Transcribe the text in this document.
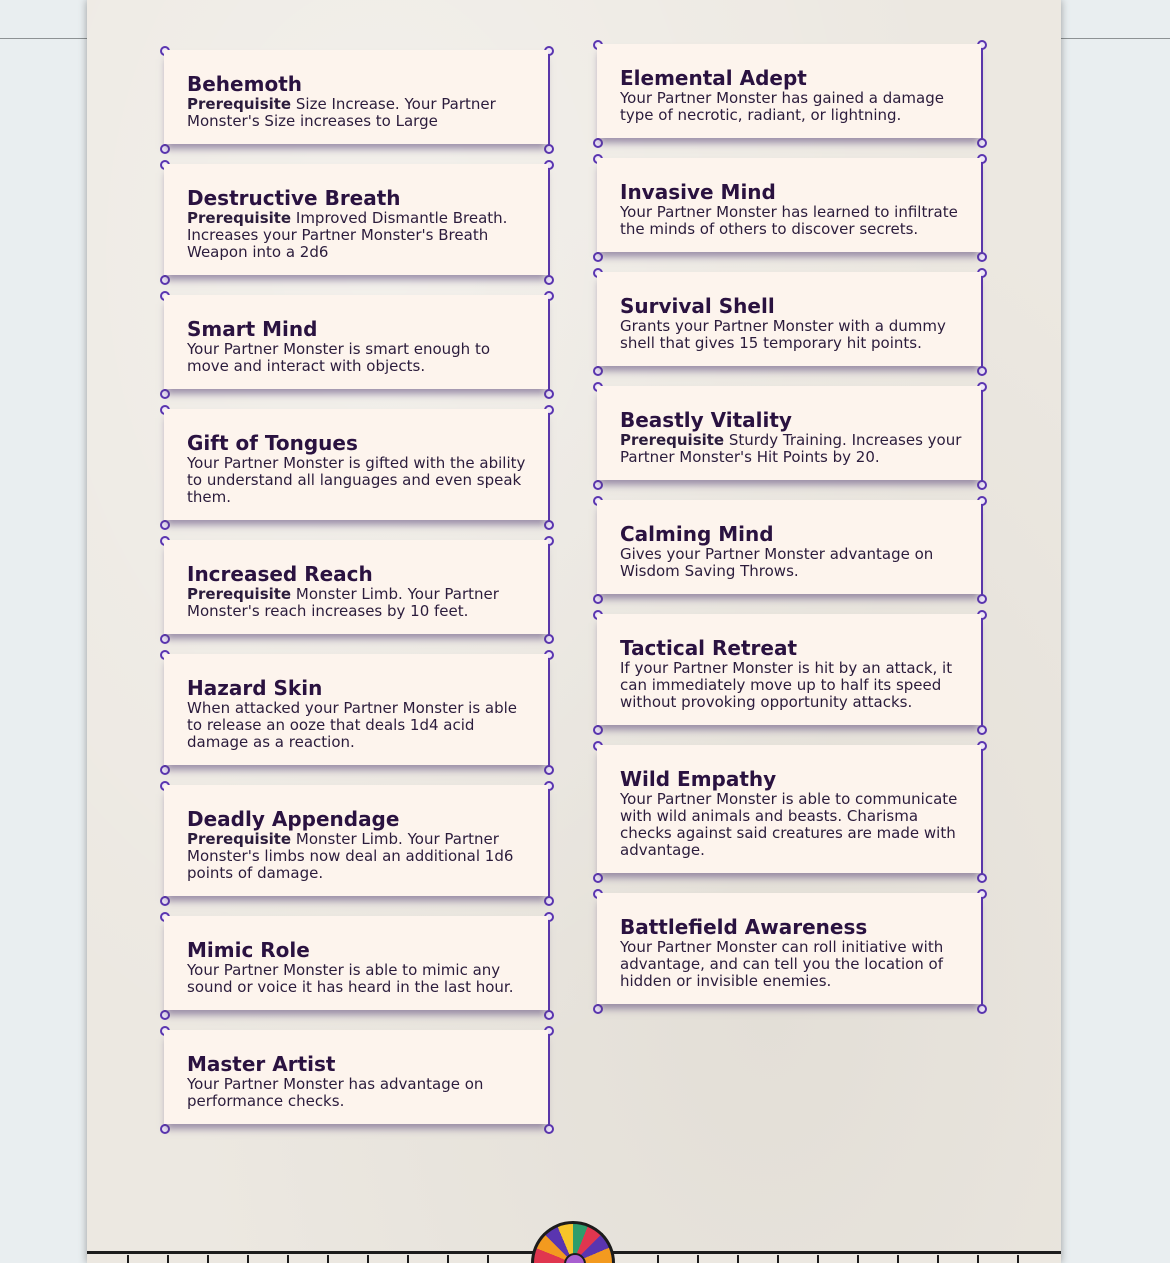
Behemoth

Prerequisite Size Increase. Your Partner Monster's Size increases to Large

Destructive Breath

Prerequisite Improved Dismantle Breath. Increases your Partner Monster's Breath Weapon into a 2d6

Smart Mind

Your Partner Monster is smart enough to move and interact with objects.

Gift of Tongues

Your Partner Monster is gifted with the ability to understand all languages and even speak them.

Increased Reach

Prerequisite Monster Limb. Your Partner Monster's reach increases by 10 feet.

Hazard Skin

When attacked your Partner Monster is able to release an ooze that deals 1d4 acid damage as a reaction.

Deadly Appendage

Prerequisite Monster Limb. Your Partner Monster's limbs now deal an additional 1d6 points of damage.

Mimic Role

Your Partner Monster is able to mimic any sound or voice it has heard in the last hour.

Master Artist

Your Partner Monster has advantage on performance checks.

Elemental Adept

Your Partner Monster has gained a damage type of necrotic, radiant, or lightning.

Invasive Mind

Your Partner Monster has learned to infiltrate the minds of others to discover secrets.

Survival Shell

Grants your Partner Monster with a dummy shell that gives 15 temporary hit points.

Beastly Vitality

Prerequisite Sturdy Training. Increases your Partner Monster's Hit Points by 20.

Calming Mind

Gives your Partner Monster advantage on Wisdom Saving Throws.

Tactical Retreat

If your Partner Monster is hit by an attack, it can immediately move up to half its speed without provoking opportunity attacks.

Wild Empathy

Your Partner Monster is able to communicate with wild animals and beasts. Charisma checks against said creatures are made with advantage.

Battlefield Awareness

Your Partner Monster can roll initiative with advantage, and can tell you the location of hidden or invisible enemies.
